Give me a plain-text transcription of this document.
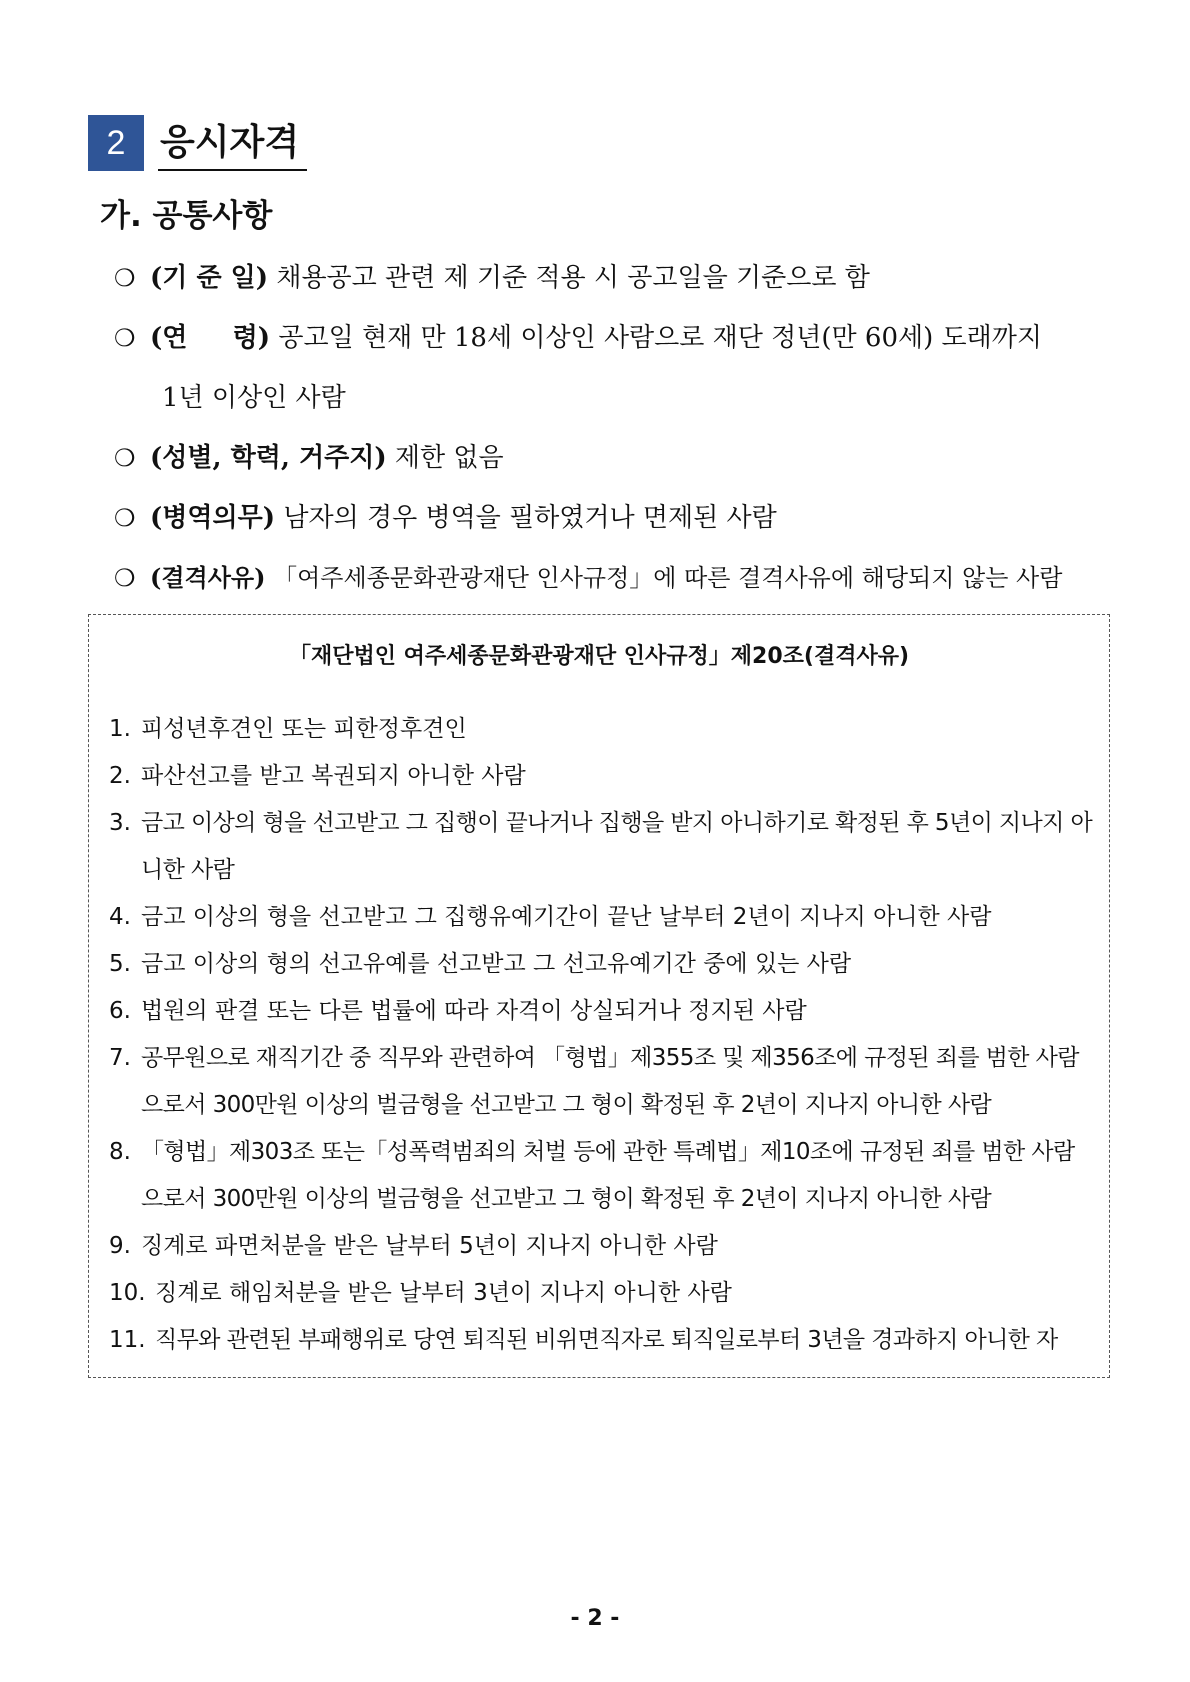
2 응시자격
가. 공통사항
❍ (기 준 일) 채용공고 관련 제 기준 적용 시 공고일을 기준으로 함
❍ (연     령) 공고일 현재 만 18세 이상인 사람으로 재단 정년(만 60세) 도래까지
1년 이상인 사람
❍ (성별, 학력, 거주지) 제한 없음
❍ (병역의무) 남자의 경우 병역을 필하였거나 면제된 사람
❍ (결격사유) 「여주세종문화관광재단 인사규정」에 따른 결격사유에 해당되지 않는 사람
「재단법인 여주세종문화관광재단 인사규정」제20조(결격사유)
1. 피성년후견인 또는 피한정후견인
2. 파산선고를 받고 복권되지 아니한 사람
3. 금고 이상의 형을 선고받고 그 집행이 끝나거나 집행을 받지 아니하기로 확정된 후 5년이 지나지 아니한 사람
4. 금고 이상의 형을 선고받고 그 집행유예기간이 끝난 날부터 2년이 지나지 아니한 사람
5. 금고 이상의 형의 선고유예를 선고받고 그 선고유예기간 중에 있는 사람
6. 법원의 판결 또는 다른 법률에 따라 자격이 상실되거나 정지된 사람
7. 공무원으로 재직기간 중 직무와 관련하여 「형법」제355조 및 제356조에 규정된 죄를 범한 사람으로서 300만원 이상의 벌금형을 선고받고 그 형이 확정된 후 2년이 지나지 아니한 사람
8. 「형법」제303조 또는「성폭력범죄의 처벌 등에 관한 특례법」제10조에 규정된 죄를 범한 사람으로서 300만원 이상의 벌금형을 선고받고 그 형이 확정된 후 2년이 지나지 아니한 사람
9. 징계로 파면처분을 받은 날부터 5년이 지나지 아니한 사람
10. 징계로 해임처분을 받은 날부터 3년이 지나지 아니한 사람
11. 직무와 관련된 부패행위로 당연 퇴직된 비위면직자로 퇴직일로부터 3년을 경과하지 아니한 자
- 2 -
